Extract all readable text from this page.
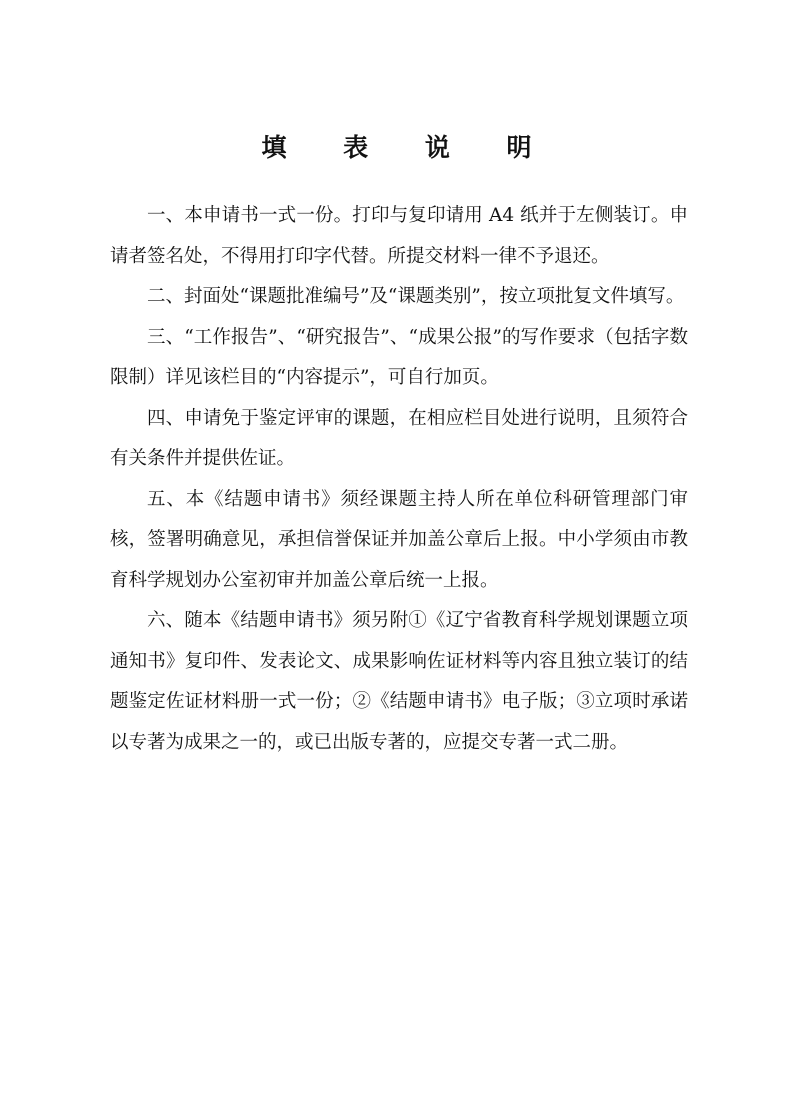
填 表 说 明

一、本申请书一式一份。打印与复印请用 A4 纸并于左侧装订。申请者签名处，不得用打印字代替。所提交材料一律不予退还。

二、封面处“课题批准编号”及“课题类别”，按立项批复文件填写。

三、“工作报告”、“研究报告”、“成果公报”的写作要求（包括字数限制）详见该栏目的“内容提示”，可自行加页。

四、申请免于鉴定评审的课题，在相应栏目处进行说明，且须符合有关条件并提供佐证。

五、本《结题申请书》须经课题主持人所在单位科研管理部门审核，签署明确意见，承担信誉保证并加盖公章后上报。中小学须由市教育科学规划办公室初审并加盖公章后统一上报。

六、随本《结题申请书》须另附①《辽宁省教育科学规划课题立项通知书》复印件、发表论文、成果影响佐证材料等内容且独立装订的结题鉴定佐证材料册一式一份；②《结题申请书》电子版；③立项时承诺以专著为成果之一的，或已出版专著的，应提交专著一式二册。
